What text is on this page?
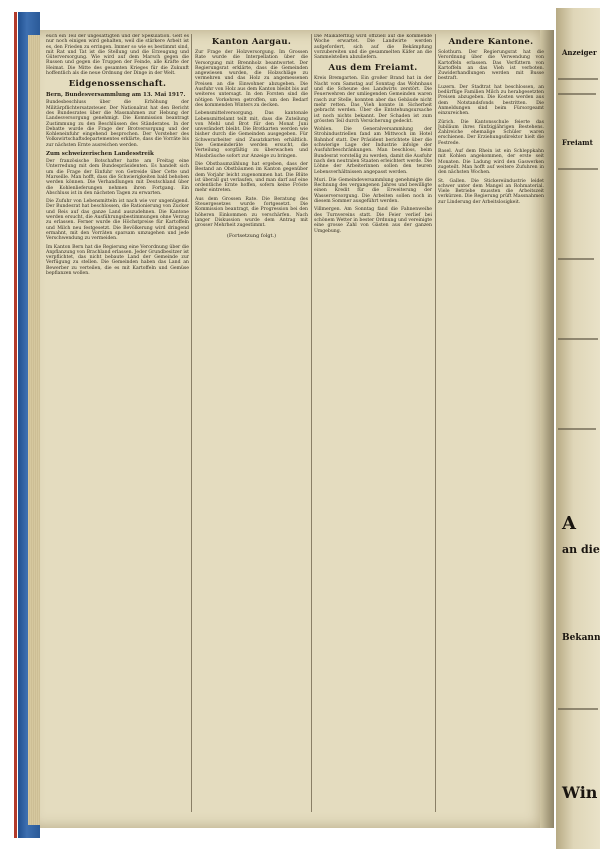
Anzeiger
Freiamt
A
an die
Bekann
Win

euch ein Teil der ungesättigten und der Spekulation. Gelt es nur noch einigen wird gehalten, weil die stärkere Arbeit ist es, den Frieden zu erringen. Immer so wie es bestimmt sind, mit Rat und Tat ist die Stellung und die Erzeugung und Güterversorgung. Wie wird auf dem Marsch gegen die Russen und gegen die Truppen der Feinde, alle Kräfte der Heimat. Die Mitte des gesamten Krieges für die Zukunft hoffentlich als die neue Ordnung der Dinge in der Welt.

Eidgenossenschaft.
Bern, Bundesversammlung am 13. Mai 1917.

Bundesbeschluss über die Erhöhung der Militärpflichtersatzsteuer. Der Nationalrat hat den Bericht des Bundesrates über die Massnahmen zur Hebung der Landesversorgung genehmigt. Die Kommission beantragt Zustimmung zu den Beschlüssen des Ständerates. In der Debatte wurde die Frage der Brotversorgung und der Kohleneinfuhr eingehend besprochen. Der Vorsteher des Volkswirtschaftsdepartementes erklärte, dass die Vorräte bis zur nächsten Ernte ausreichen werden.

Zum schweizerischen Landesstreik

Der französische Botschafter hatte am Freitag eine Unterredung mit dem Bundespräsidenten. Es handelt sich um die Frage der Einfuhr von Getreide über Cette und Marseille. Man hofft, dass die Schwierigkeiten bald behoben werden können. Die Verhandlungen mit Deutschland über die Kohlenlieferungen nehmen ihren Fortgang. Ein Abschluss ist in den nächsten Tagen zu erwarten.

Die Zufuhr von Lebensmitteln ist nach wie vor ungenügend. Der Bundesrat hat beschlossen, die Rationierung von Zucker und Reis auf das ganze Land auszudehnen. Die Kantone werden ersucht, die Ausführungsbestimmungen ohne Verzug zu erlassen. Ferner wurde die Höchstpreise für Kartoffeln und Milch neu festgesetzt. Die Bevölkerung wird dringend ermahnt, mit den Vorräten sparsam umzugehen und jede Verschwendung zu vermeiden.

Im Kanton Bern hat die Regierung eine Verordnung über die Anpflanzung von Brachland erlassen. Jeder Grundbesitzer ist verpflichtet, das nicht bebaute Land der Gemeinde zur Verfügung zu stellen. Die Gemeinden haben das Land an Bewerber zu verteilen, die es mit Kartoffeln und Gemüse bepflanzen wollen.

Kanton Aargau.

Zur Frage der Holzversorgung. Im Grossen Rate wurde die Interpellation über die Versorgung mit Brennholz beantwortet. Der Regierungsrat erklärte, dass die Gemeinden angewiesen wurden, die Holzschläge zu vermehren und das Holz zu angemessenen Preisen an die Einwohner abzugeben. Die Ausfuhr von Holz aus dem Kanton bleibt bis auf weiteres untersagt. In den Forsten sind die nötigen Vorkehren getroffen, um den Bedarf des kommenden Winters zu decken.

Lebensmittelversorgung. Das kantonale Lebensmittelamt teilt mit, dass die Zuteilung von Mehl und Brot für den Monat Juni unverändert bleibt. Die Brotkarten werden wie bisher durch die Gemeinden ausgegeben. Für Schwerarbeiter sind Zusatzkarten erhältlich. Die Gemeinderäte werden ersucht, die Verteilung sorgfältig zu überwachen und Missbräuche sofort zur Anzeige zu bringen.

Die Obstbaumzählung hat ergeben, dass der Bestand an Obstbäumen im Kanton gegenüber dem Vorjahr leicht zugenommen hat. Die Blüte ist überall gut verlaufen, und man darf auf eine ordentliche Ernte hoffen, sofern keine Fröste mehr eintreten.

Aus dem Grossen Rate. Die Beratung des Steuergesetzes wurde fortgesetzt. Die Kommission beantragt, die Progression bei den höheren Einkommen zu verschärfen. Nach langer Diskussion wurde dem Antrag mit grosser Mehrheit zugestimmt.

(Fortsetzung folgt.)

Die Maikäferflug wird offiziell auf die kommende Woche erwartet. Die Landwirte werden aufgefordert, sich auf die Bekämpfung vorzubereiten und die gesammelten Käfer an die Sammelstellen abzuliefern.

Aus dem Freiamt.

Kreis Bremgarten. Ein großer Brand hat in der Nacht vom Samstag auf Sonntag das Wohnhaus und die Scheune des Landwirts zerstört. Die Feuerwehren der umliegenden Gemeinden waren rasch zur Stelle, konnten aber das Gebäude nicht mehr retten. Das Vieh konnte in Sicherheit gebracht werden. Über die Entstehungsursache ist noch nichts bekannt. Der Schaden ist zum grössten Teil durch Versicherung gedeckt.

Wohlen. Die Generalversammlung der Strohindustriellen fand am Mittwoch im Hotel Bahnhof statt. Der Präsident berichtete über die schwierige Lage der Industrie infolge der Ausfuhrbeschränkungen. Man beschloss, beim Bundesrat vorstellig zu werden, damit die Ausfuhr nach den neutralen Staaten erleichtert werde. Die Löhne der Arbeiterinnen sollen den teuren Lebensverhältnissen angepasst werden.

Muri. Die Gemeindeversammlung genehmigte die Rechnung des vergangenen Jahres und bewilligte einen Kredit für die Erweiterung der Wasserversorgung. Die Arbeiten sollen noch in diesem Sommer ausgeführt werden.

Villmergen. Am Sonntag fand die Fahnenweihe des Turnvereins statt. Die Feier verlief bei schönem Wetter in bester Ordnung und vereinigte eine grosse Zahl von Gästen aus der ganzen Umgebung.

Andere Kantone.

Solothurn. Der Regierungsrat hat die Verordnung über die Verwendung von Kartoffeln erlassen. Das Verfüttern von Kartoffeln an das Vieh ist verboten. Zuwiderhandlungen werden mit Busse bestraft.

Luzern. Der Stadtrat hat beschlossen, an bedürftige Familien Milch zu herabgesetzten Preisen abzugeben. Die Kosten werden aus dem Notstandsfonds bestritten. Die Anmeldungen sind beim Fürsorgeamt einzureichen.

Zürich. Die Kantonsschule feierte das Jubiläum ihres fünfzigjährigen Bestehens. Zahlreiche ehemalige Schüler waren erschienen. Der Erziehungsdirektor hielt die Festrede.

Basel. Auf dem Rhein ist ein Schleppkahn mit Kohlen angekommen, der erste seit Monaten. Die Ladung wird den Gaswerken zugeteilt. Man hofft auf weitere Zufuhren in den nächsten Wochen.

St. Gallen. Die Stickereiindustrie leidet schwer unter dem Mangel an Rohmaterial. Viele Betriebe mussten die Arbeitszeit verkürzen. Die Regierung prüft Massnahmen zur Linderung der Arbeitslosigkeit.
